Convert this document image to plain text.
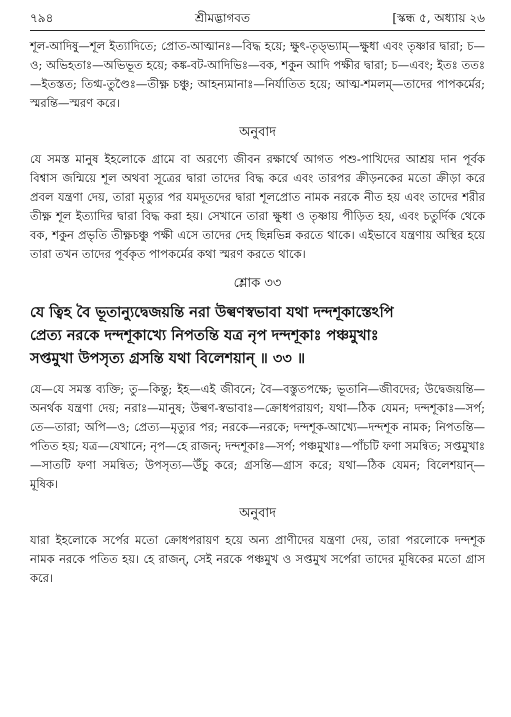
৭৯৪	শ্রীমদ্ভাগবত	[স্কন্ধ ৫, অধ্যায় ২৬

শূল-আদিষু—শূল ইত্যাদিতে; প্রোত-আত্মানঃ—বিদ্ধ হয়ে; ক্ষুৎ-তৃড্ভ্যাম্—ক্ষুধা এবং তৃষ্ণার দ্বারা; চ—ও; অভিহতাঃ—অভিভূত হয়ে; কঙ্ক-বট-আদিভিঃ—বক, শকুন আদি পক্ষীর দ্বারা; চ—এবং; ইতঃ ততঃ—ইতস্তত; তিগ্ম-তুণ্ডৈঃ—তীক্ষ্ণ চঞ্চু; আহন্যমানাঃ—নির্যাতিত হয়ে; আত্ম-শমলম্—তাদের পাপকর্মের; স্মরন্তি—স্মরণ করে।

অনুবাদ

যে সমস্ত মানুষ ইহলোকে গ্রামে বা অরণ্যে জীবন রক্ষার্থে আগত পশু-পাখিদের আশ্রয় দান পূর্বক বিশ্বাস জন্মিয়ে শূল অথবা সূত্রের দ্বারা তাদের বিদ্ধ করে এবং তারপর ক্রীড়নকের মতো ক্রীড়া করে প্রবল যন্ত্রণা দেয়, তারা মৃত্যুর পর যমদূতদের দ্বারা শূলপ্রোত নামক নরকে নীত হয় এবং তাদের শরীর তীক্ষ্ণ শূল ইত্যাদির দ্বারা বিদ্ধ করা হয়। সেখানে তারা ক্ষুধা ও তৃষ্ণায় পীড়িত হয়, এবং চতুর্দিক থেকে বক, শকুন প্রভৃতি তীক্ষ্ণচঞ্চু পক্ষী এসে তাদের দেহ ছিন্নভিন্ন করতে থাকে। এইভাবে যন্ত্রণায় অস্থির হয়ে তারা তখন তাদের পূর্বকৃত পাপকর্মের কথা স্মরণ করতে থাকে।

শ্লোক ৩৩

যে ত্বিহ বৈ ভূতান্যুদ্বেজয়ন্তি নরা উল্বণস্বভাবা যথা দন্দশূকাস্তেঽপি
প্রেত্য নরকে দন্দশূকাখ্যে নিপতন্তি যত্র নৃপ দন্দশূকাঃ পঞ্চমুখাঃ
সপ্তমুখা উপসৃত্য গ্রসন্তি যথা বিলেশয়ান্ ॥ ৩৩ ॥

যে—যে সমস্ত ব্যক্তি; তু—কিন্তু; ইহ—এই জীবনে; বৈ—বস্তুতপক্ষে; ভূতানি—জীবদের; উদ্বেজয়ন্তি—অনর্থক যন্ত্রণা দেয়; নরাঃ—মানুষ; উল্বণ-স্বভাবাঃ—ক্রোধপরায়ণ; যথা—ঠিক যেমন; দন্দশূকাঃ—সর্প; তে—তারা; অপি—ও; প্রেত্য—মৃত্যুর পর; নরকে—নরকে; দন্দশূক-আখ্যে—দন্দশূক নামক; নিপতন্তি—পতিত হয়; যত্র—যেখানে; নৃপ—হে রাজন্; দন্দশূকাঃ—সর্প; পঞ্চমুখাঃ—পাঁচটি ফণা সমন্বিত; সপ্তমুখাঃ—সাতটি ফণা সমন্বিত; উপসৃত্য—উঁচু করে; গ্রসন্তি—গ্রাস করে; যথা—ঠিক যেমন; বিলেশয়ান্—মূষিক।

অনুবাদ

যারা ইহলোকে সর্পের মতো ক্রোধপরায়ণ হয়ে অন্য প্রাণীদের যন্ত্রণা দেয়, তারা পরলোকে দন্দশূক নামক নরকে পতিত হয়। হে রাজন্, সেই নরকে পঞ্চমুখ ও সপ্তমুখ সর্পেরা তাদের মূষিকের মতো গ্রাস করে।
